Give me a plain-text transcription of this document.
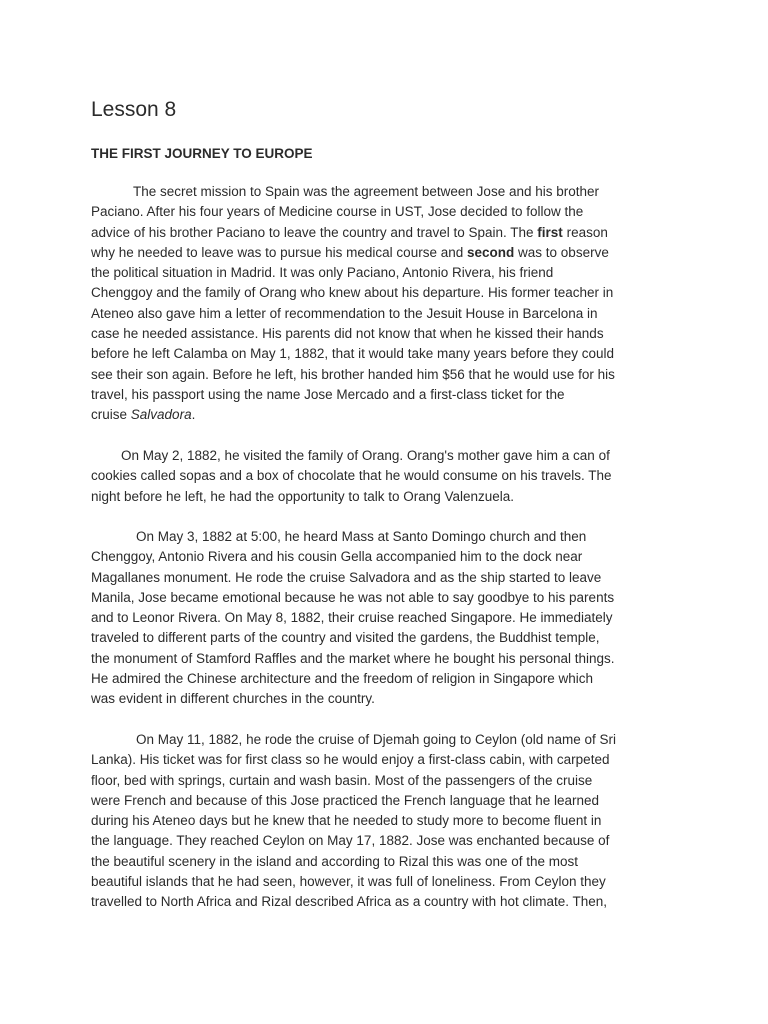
Lesson 8
THE FIRST JOURNEY TO EUROPE
The secret mission to Spain was the agreement between Jose and his brother
Paciano. After his four years of Medicine course in UST, Jose decided to follow the
advice of his brother Paciano to leave the country and travel to Spain. The first reason
why he needed to leave was to pursue his medical course and second was to observe
the political situation in Madrid. It was only Paciano, Antonio Rivera, his friend
Chenggoy and the family of Orang who knew about his departure. His former teacher in
Ateneo also gave him a letter of recommendation to the Jesuit House in Barcelona in
case he needed assistance. His parents did not know that when he kissed their hands
before he left Calamba on May 1, 1882, that it would take many years before they could
see their son again. Before he left, his brother handed him $56 that he would use for his
travel, his passport using the name Jose Mercado and a first-class ticket for the
cruise Salvadora.
On May 2, 1882, he visited the family of Orang. Orang's mother gave him a can of
cookies called sopas and a box of chocolate that he would consume on his travels. The
night before he left, he had the opportunity to talk to Orang Valenzuela.
On May 3, 1882 at 5:00, he heard Mass at Santo Domingo church and then
Chenggoy, Antonio Rivera and his cousin Gella accompanied him to the dock near
Magallanes monument. He rode the cruise Salvadora and as the ship started to leave
Manila, Jose became emotional because he was not able to say goodbye to his parents
and to Leonor Rivera. On May 8, 1882, their cruise reached Singapore. He immediately
traveled to different parts of the country and visited the gardens, the Buddhist temple,
the monument of Stamford Raffles and the market where he bought his personal things.
He admired the Chinese architecture and the freedom of religion in Singapore which
was evident in different churches in the country.
On May 11, 1882, he rode the cruise of Djemah going to Ceylon (old name of Sri
Lanka). His ticket was for first class so he would enjoy a first-class cabin, with carpeted
floor, bed with springs, curtain and wash basin. Most of the passengers of the cruise
were French and because of this Jose practiced the French language that he learned
during his Ateneo days but he knew that he needed to study more to become fluent in
the language. They reached Ceylon on May 17, 1882. Jose was enchanted because of
the beautiful scenery in the island and according to Rizal this was one of the most
beautiful islands that he had seen, however, it was full of loneliness. From Ceylon they
travelled to North Africa and Rizal described Africa as a country with hot climate. Then,
